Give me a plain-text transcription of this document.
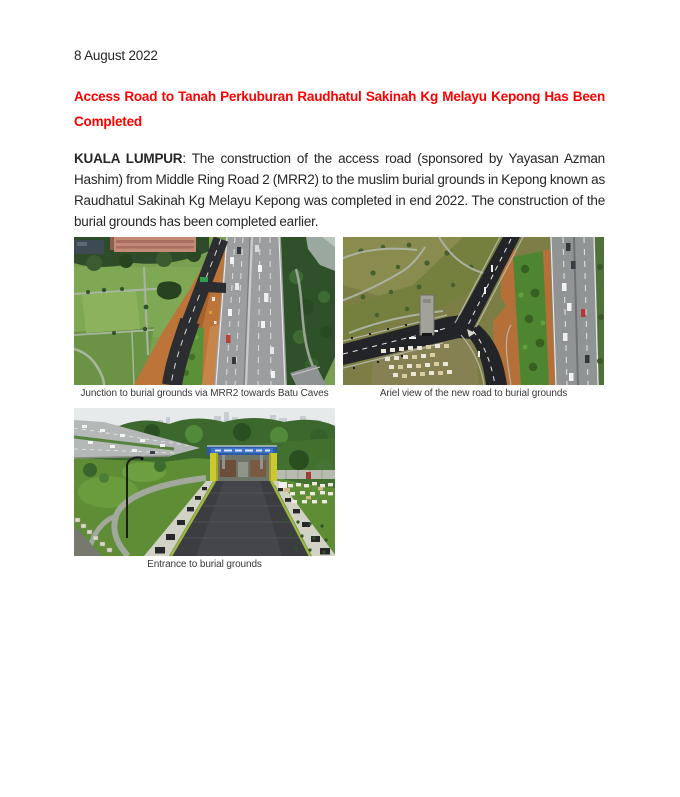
8 August 2022

Access Road to Tanah Perkuburan Raudhatul Sakinah Kg Melayu Kepong Has Been Completed

KUALA LUMPUR: The construction of the access road (sponsored by Yayasan Azman Hashim) from Middle Ring Road 2 (MRR2) to the muslim burial grounds in Kepong known as Raudhatul Sakinah Kg Melayu Kepong was completed in end 2022. The construction of the burial grounds has been completed earlier.

Junction to burial grounds via MRR2 towards Batu Caves	Ariel view of the new road to burial grounds
Entrance to burial grounds
